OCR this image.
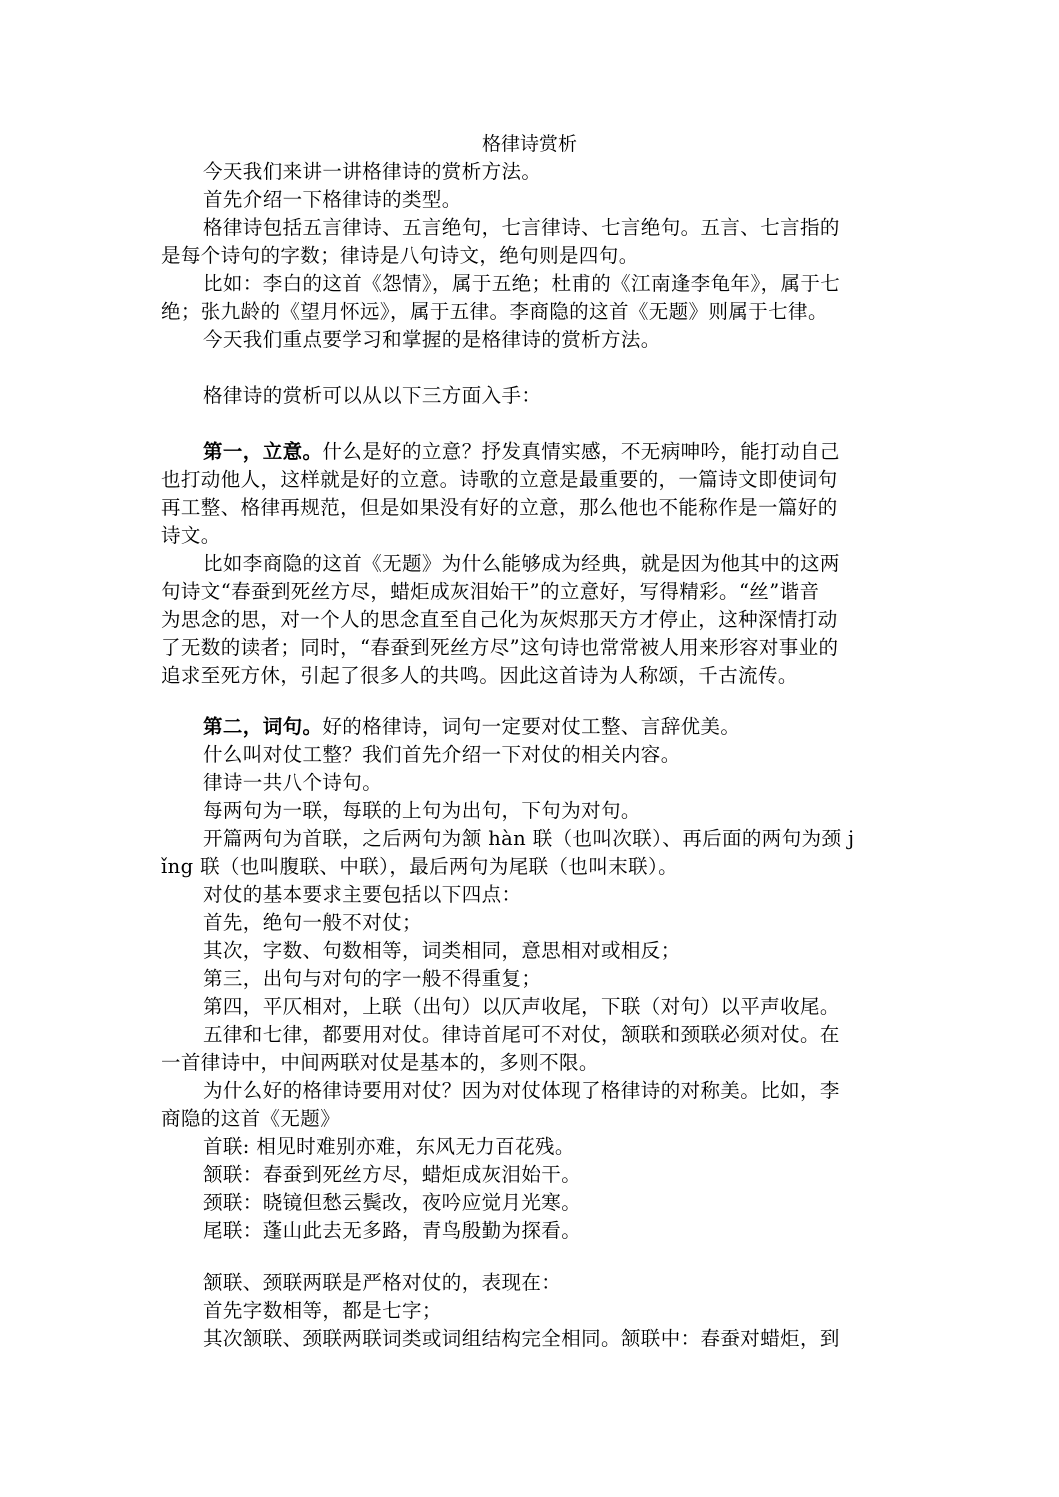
格律诗赏析
今天我们来讲一讲格律诗的赏析方法。
首先介绍一下格律诗的类型。
格律诗包括五言律诗、五言绝句，七言律诗、七言绝句。五言、七言指的
是每个诗句的字数；律诗是八句诗文，绝句则是四句。
比如：李白的这首《怨情》，属于五绝；杜甫的《江南逢李龟年》，属于七
绝；张九龄的《望月怀远》，属于五律。李商隐的这首《无题》则属于七律。
今天我们重点要学习和掌握的是格律诗的赏析方法。
格律诗的赏析可以从以下三方面入手：
第一，立意。什么是好的立意？抒发真情实感，不无病呻吟，能打动自己
也打动他人，这样就是好的立意。诗歌的立意是最重要的，一篇诗文即使词句
再工整、格律再规范，但是如果没有好的立意，那么他也不能称作是一篇好的
诗文。
比如李商隐的这首《无题》为什么能够成为经典，就是因为他其中的这两
句诗文“春蚕到死丝方尽，蜡炬成灰泪始干”的立意好，写得精彩。“丝”谐音
为思念的思，对一个人的思念直至自己化为灰烬那天方才停止，这种深情打动
了无数的读者；同时，“春蚕到死丝方尽”这句诗也常常被人用来形容对事业的
追求至死方休，引起了很多人的共鸣。因此这首诗为人称颂，千古流传。
第二，词句。好的格律诗，词句一定要对仗工整、言辞优美。
什么叫对仗工整？我们首先介绍一下对仗的相关内容。
律诗一共八个诗句。
每两句为一联，每联的上句为出句，下句为对句。
开篇两句为首联，之后两句为颔 hàn 联（也叫次联）、再后面的两句为颈 j
ǐng 联（也叫腹联、中联），最后两句为尾联（也叫末联）。
对仗的基本要求主要包括以下四点：
首先，绝句一般不对仗；
其次，字数、句数相等，词类相同，意思相对或相反；
第三，出句与对句的字一般不得重复；
第四，平仄相对，上联（出句）以仄声收尾，下联（对句）以平声收尾。
五律和七律，都要用对仗。律诗首尾可不对仗，颔联和颈联必须对仗。在
一首律诗中，中间两联对仗是基本的，多则不限。
为什么好的格律诗要用对仗？因为对仗体现了格律诗的对称美。比如，李
商隐的这首《无题》
首联: 相见时难别亦难，东风无力百花残。
颔联：春蚕到死丝方尽，蜡炬成灰泪始干。
颈联：晓镜但愁云鬓改，夜吟应觉月光寒。
尾联：蓬山此去无多路，青鸟殷勤为探看。
颔联、颈联两联是严格对仗的，表现在：
首先字数相等，都是七字；
其次颔联、颈联两联词类或词组结构完全相同。颔联中：春蚕对蜡炬，到
